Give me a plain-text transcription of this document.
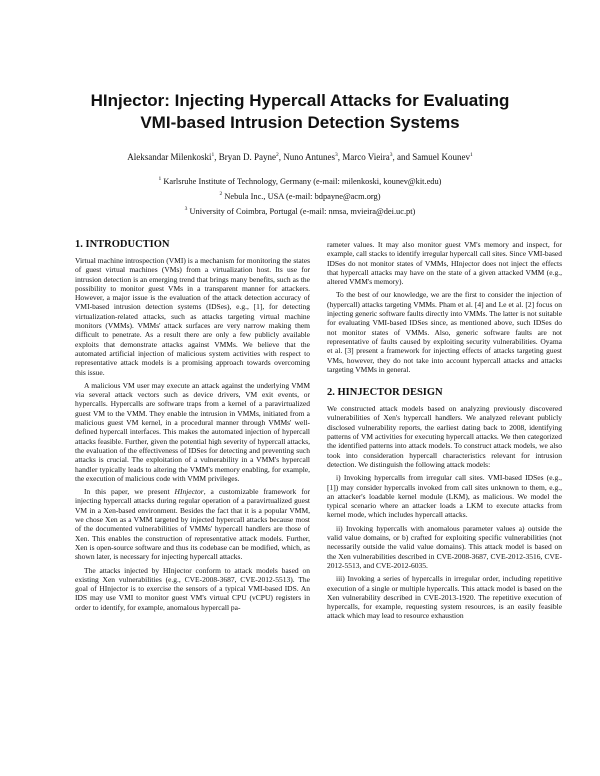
HInjector: Injecting Hypercall Attacks for Evaluating
VMI-based Intrusion Detection Systems
Aleksandar Milenkoski$^1$, Bryan D. Payne$^2$, Nuno Antunes$^3$, Marco Vieira$^3$, and Samuel Kounev$^1$
$^1$ Karlsruhe Institute of Technology, Germany (e-mail: milenkoski, kounev@kit.edu)
$^2$ Nebula Inc., USA (e-mail: bdpayne@acm.org)
$^3$ University of Coimbra, Portugal (e-mail: nmsa, mvieira@dei.uc.pt)
1. INTRODUCTION

Virtual machine introspection (VMI) is a mechanism for monitoring the states of guest virtual machines (VMs) from a virtualization host. Its use for intrusion detection is an emerging trend that brings many benefits, such as the possibility to monitor guest VMs in a transparent manner for attackers. However, a major issue is the evaluation of the attack detection accuracy of VMI-based intrusion detection systems (IDSes), e.g., [1], for detecting virtualization-related attacks, such as attacks targeting virtual machine monitors (VMMs). VMMs' attack surfaces are very narrow making them difficult to penetrate. As a result there are only a few publicly available exploits that demonstrate attacks against VMMs. We believe that the automated artificial injection of malicious system activities with respect to representative attack models is a promising approach towards overcoming this issue.

A malicious VM user may execute an attack against the underlying VMM via several attack vectors such as device drivers, VM exit events, or hypercalls. Hypercalls are software traps from a kernel of a paravirtualized guest VM to the VMM. They enable the intrusion in VMMs, initiated from a malicious guest VM kernel, in a procedural manner through VMMs' well-defined hypercall interfaces. This makes the automated injection of hypercall attacks feasible. Further, given the potential high severity of hypercall attacks, the evaluation of the effectiveness of IDSes for detecting and preventing such attacks is crucial. The exploitation of a vulnerability in a VMM's hypercall handler typically leads to altering the VMM's memory enabling, for example, the execution of malicious code with VMM privileges.

In this paper, we present HInjector, a customizable framework for injecting hypercall attacks during regular operation of a paravirtualized guest VM in a Xen-based environment. Besides the fact that it is a popular VMM, we chose Xen as a VMM targeted by injected hypercall attacks because most of the documented vulnerabilities of VMMs' hypercall handlers are those of Xen. This enables the construction of representative attack models. Further, Xen is open-source software and thus its codebase can be modified, which, as shown later, is necessary for injecting hypercall attacks.

The attacks injected by HInjector conform to attack models based on existing Xen vulnerabilities (e.g., CVE-2008-3687, CVE-2012-5513). The goal of HInjector is to exercise the sensors of a typical VMI-based IDS. An IDS may use VMI to monitor guest VM's virtual CPU (vCPU) registers in order to identify, for example, anomalous hypercall pa-

rameter values. It may also monitor guest VM's memory and inspect, for example, call stacks to identify irregular hypercall call sites. Since VMI-based IDSes do not monitor states of VMMs, HInjector does not inject the effects that hypercall attacks may have on the state of a given attacked VMM (e.g., altered VMM's memory).

To the best of our knowledge, we are the first to consider the injection of (hypercall) attacks targeting VMMs. Pham et al. [4] and Le et al. [2] focus on injecting generic software faults directly into VMMs. The latter is not suitable for evaluating VMI-based IDSes since, as mentioned above, such IDSes do not monitor states of VMMs. Also, generic software faults are not representative of faults caused by exploiting security vulnerabilities. Oyama et al. [3] present a framework for injecting effects of attacks targeting guest VMs, however, they do not take into account hypercall attacks and attacks targeting VMMs in general.

2. HINJECTOR DESIGN

We constructed attack models based on analyzing previously discovered vulnerabilities of Xen's hypercall handlers. We analyzed relevant publicly disclosed vulnerability reports, the earliest dating back to 2008, identifying patterns of VM activities for executing hypercall attacks. We then categorized the identified patterns into attack models. To construct attack models, we also took into consideration hypercall characteristics relevant for intrusion detection. We distinguish the following attack models:

i) Invoking hypercalls from irregular call sites. VMI-based IDSes (e.g., [1]) may consider hypercalls invoked from call sites unknown to them, e.g., an attacker's loadable kernel module (LKM), as malicious. We model the typical scenario where an attacker loads a LKM to execute attacks from kernel mode, which includes hypercall attacks.

ii) Invoking hypercalls with anomalous parameter values a) outside the valid value domains, or b) crafted for exploiting specific vulnerabilities (not necessarily outside the valid value domains). This attack model is based on the Xen vulnerabilities described in CVE-2008-3687, CVE-2012-3516, CVE-2012-5513, and CVE-2012-6035.

iii) Invoking a series of hypercalls in irregular order, including repetitive execution of a single or multiple hypercalls. This attack model is based on the Xen vulnerability described in CVE-2013-1920. The repetitive execution of hypercalls, for example, requesting system resources, is an easily feasible attack which may lead to resource exhaustion
